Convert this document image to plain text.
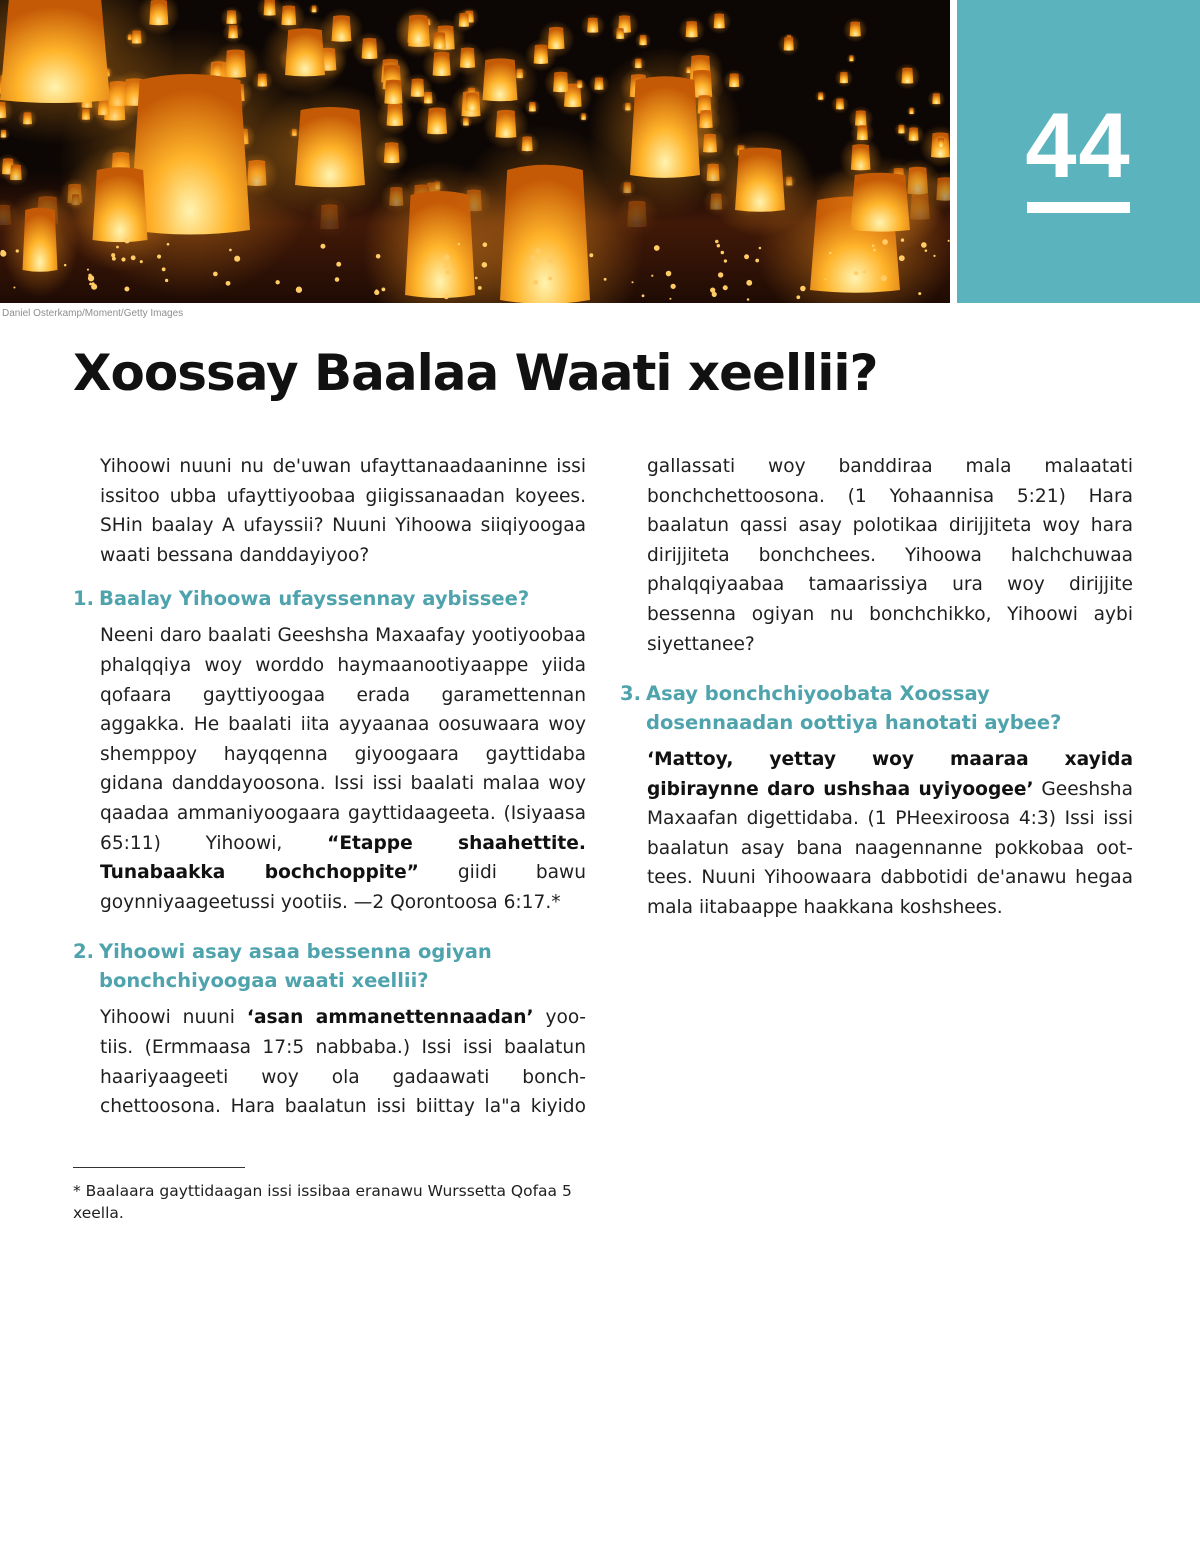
44
Daniel Osterkamp/Moment/Getty Images
Xoossay Baalaa Waati xeellii?

Yihoowi nuuni nu de'uwan ufayttanaadaaninne issi issitoo ubba ufayttiyoobaa giigissanaadan koyees. SHin baalay A ufayssii? Nuuni Yihoowa siiqiyoogaa waati bessana danddayiyoo?

1. Baalay Yihoowa ufayssennay aybissee?

Neeni daro baalati Geeshsha Maxaafay yootiyoobaa phalqqiya woy worddo haymaanootiyaappe yiida qofaara gayttiyoogaa erada garamettennan aggakka. He baalati iita ayyaanaa oosuwaara woy shemppoy hayqqenna giyoogaara gayttidaba gidana danddayoosona. Issi issi baalati malaa woy qaadaa ammaniyoogaara gayttidaageeta. (Isiyaasa 65:11) Yihoowi, “Etappe shaahettite. Tunabaakka bochchoppite” giidi bawu goynniyaageetussi yootiis. —2 Qorontoosa 6:17.*

2. Yihoowi asay asaa bessenna ogiyan bonchchiyoogaa waati xeellii?

Yihoowi nuuni ‘asan ammanettennaadan’ yootiis. (Ermmaasa 17:5 nabbaba.) Issi issi baalatun haariyaageeti woy ola gadaawati bonchchettoosona. Hara baalatun issi biittay la"a kiyido

gallassati woy banddiraa mala malaatati bonchchettoosona. (1 Yohaannisa 5:21) Hara baalatun qassi asay polotikaa dirijjiteta woy hara dirijjiteta bonchchees. Yihoowa halchchuwaa phalqqiyaabaa tamaarissiya ura woy dirijjite bessenna ogiyan nu bonchchikko, Yihoowi aybi siyettanee?
3. Asay bonchchiyoobata Xoossay dosennaadan oottiya hanotati aybee?

‘Mattoy, yettay woy maaraa xayida gibiraynne daro ushshaa uyiyoogee’ Geeshsha Maxaafan digettidaba. (1 PHeexiroosa 4:3) Issi issi baalatun asay bana naagennanne pokkobaa oottees. Nuuni Yihoowaara dabbotidi de'anawu hegaa mala iitabaappe haakkana koshshees.

* Baalaara gayttidaagan issi issibaa eranawu Wurssetta Qofaa 5 xeella.
